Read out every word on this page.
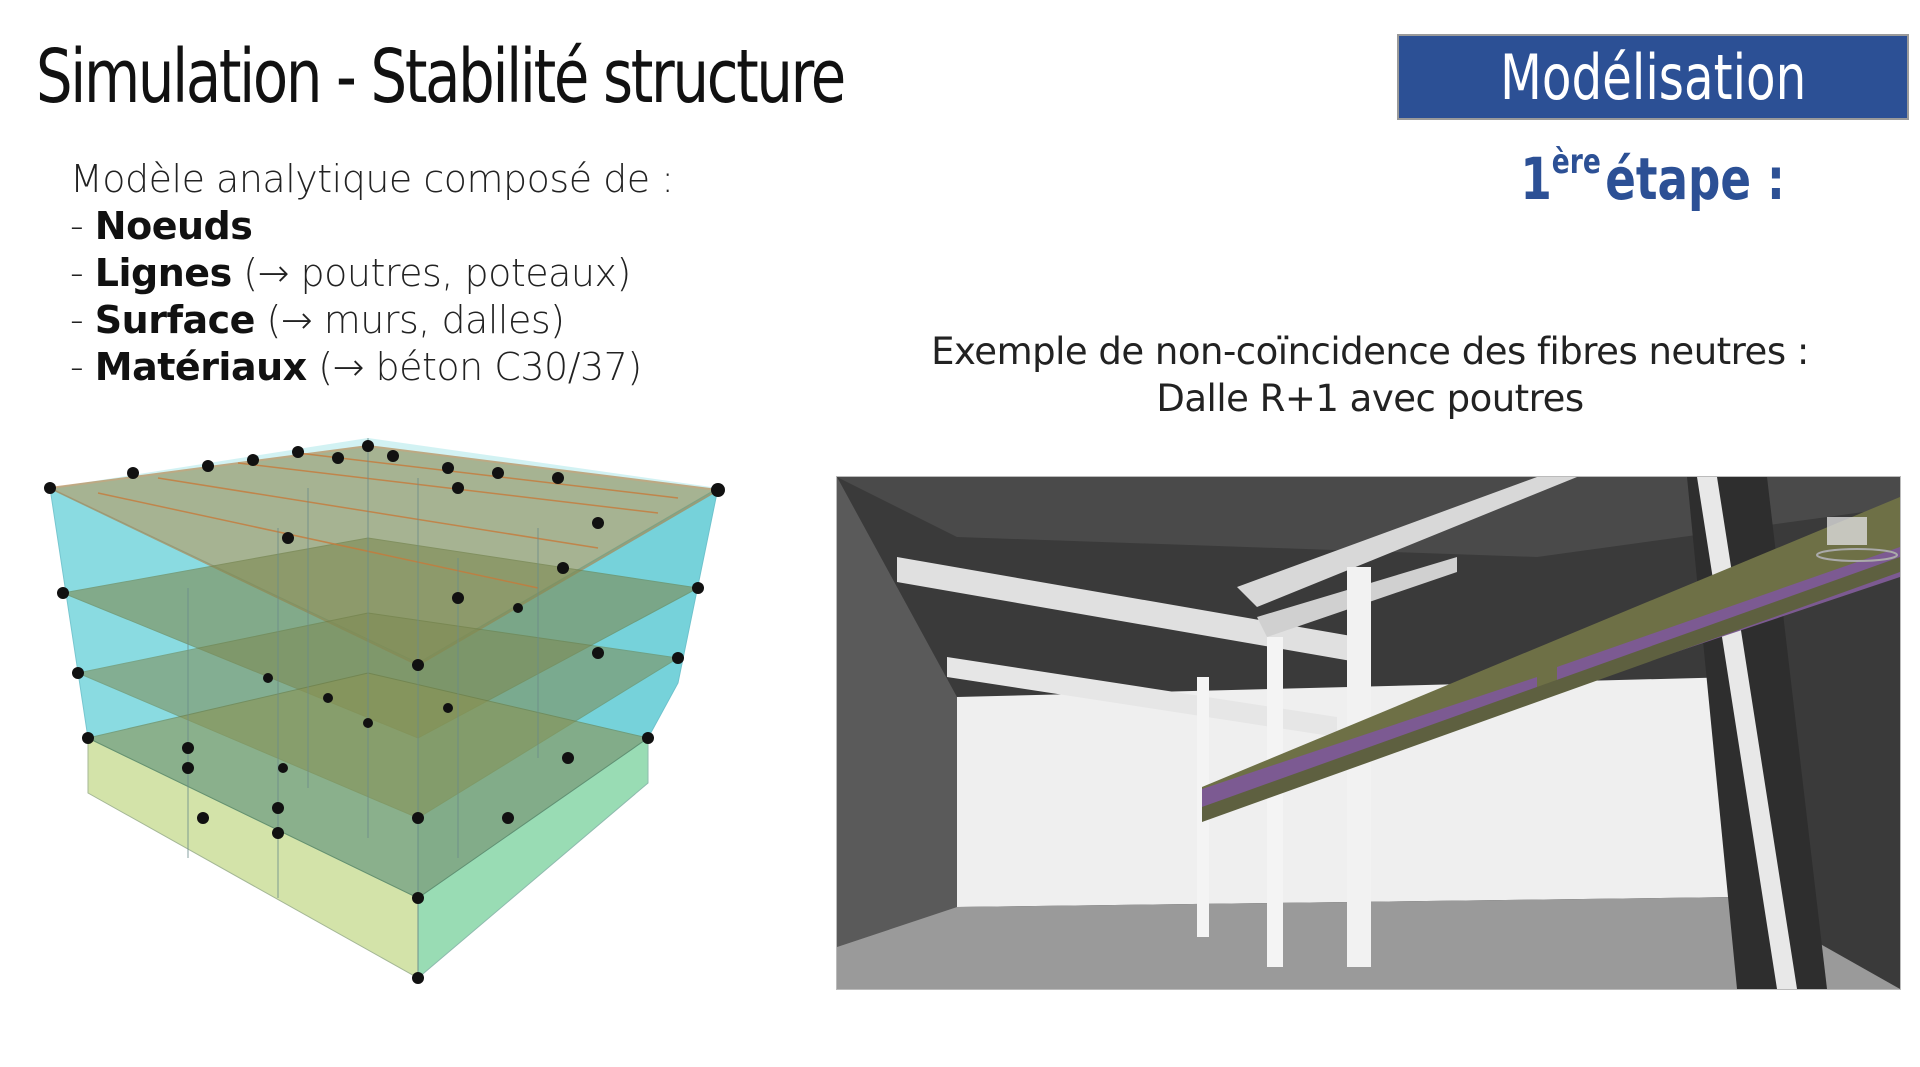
Simulation - Stabilité structure	Modélisation
1ère étape :
Modèle analytique composé de :
- Noeuds
- Lignes (→ poutres, poteaux)
- Surface (→ murs, dalles)
- Matériaux (→ béton C30/37)	Exemple de non-coïncidence des fibres neutres :
Dalle R+1 avec poutres
